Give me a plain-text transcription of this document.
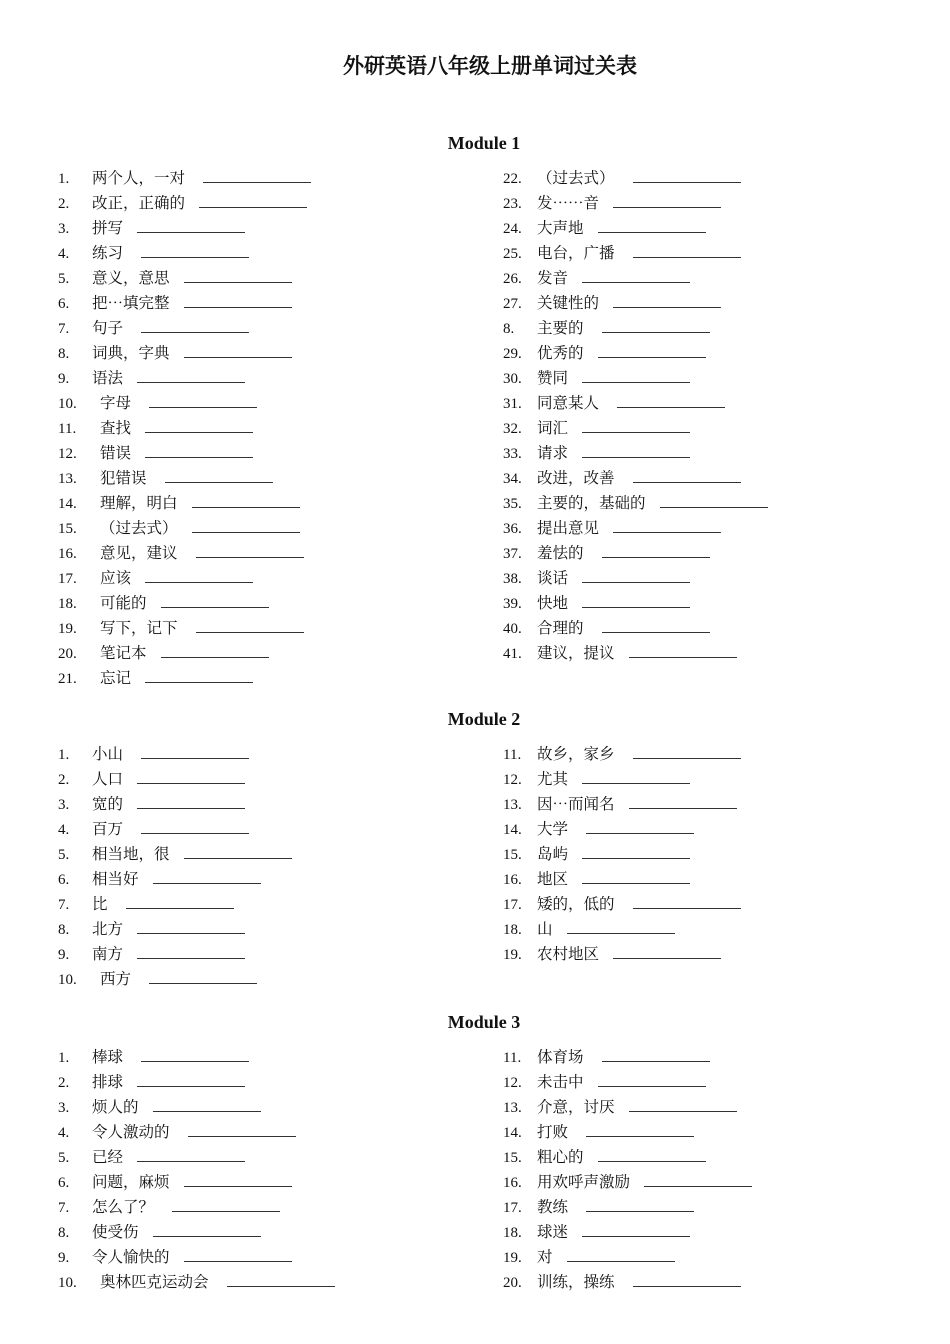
外研英语八年级上册单词过关表
Module 1
1. 两个人，一对
2. 改正，正确的
3. 拼写
4. 练习
5. 意义，意思
6. 把⋯填完整
7. 句子
8. 词典，字典
9. 语法
10. 字母
11. 查找
12. 错误
13. 犯错误
14. 理解，明白
15. （过去式）
16. 意见，建议
17. 应该
18. 可能的
19. 写下，记下
20. 笔记本
21. 忘记
22. （过去式）
23. 发⋯⋯音
24. 大声地
25. 电台，广播
26. 发音
27. 关键性的
8. 主要的
29. 优秀的
30. 赞同
31. 同意某人
32. 词汇
33. 请求
34. 改进，改善
35. 主要的，基础的
36. 提出意见
37. 羞怯的
38. 谈话
39. 快地
40. 合理的
41. 建议，提议
Module 2
1. 小山
2. 人口
3. 宽的
4. 百万
5. 相当地，很
6. 相当好
7. 比
8. 北方
9. 南方
10. 西方
11. 故乡，家乡
12. 尤其
13. 因⋯而闻名
14. 大学
15. 岛屿
16. 地区
17. 矮的，低的
18. 山
19. 农村地区
Module 3
1. 棒球
2. 排球
3. 烦人的
4. 令人激动的
5. 已经
6. 问题，麻烦
7. 怎么了？
8. 使受伤
9. 令人愉快的
10. 奥林匹克运动会
11. 体育场
12. 未击中
13. 介意，讨厌
14. 打败
15. 粗心的
16. 用欢呼声激励
17. 教练
18. 球迷
19. 对
20. 训练，操练
